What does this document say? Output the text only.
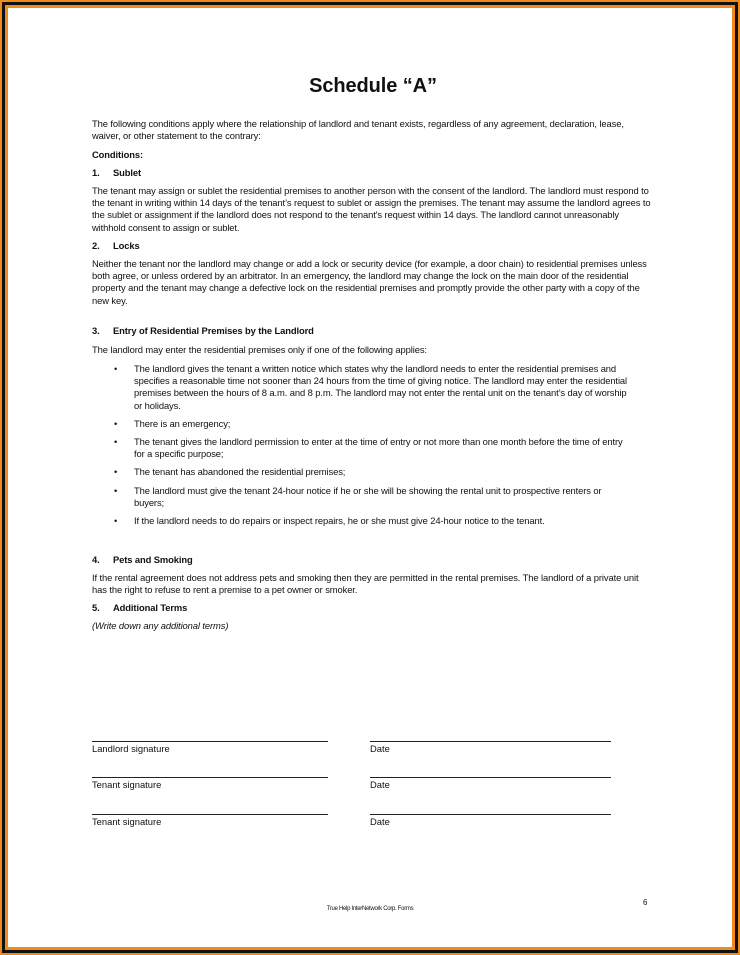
Schedule “A”

The following conditions apply where the relationship of landlord and tenant exists, regardless of any agreement, declaration, lease, waiver, or other statement to the contrary:

Conditions:

1. Sublet

The tenant may assign or sublet the residential premises to another person with the consent of the landlord. The landlord must respond to the tenant in writing within 14 days of the tenant’s request to sublet or assign the premises. The tenant may assume the landlord agrees to the sublet or assignment if the landlord does not respond to the tenant's request within 14 days. The landlord cannot unreasonably withhold consent to assign or sublet.

2. Locks

Neither the tenant nor the landlord may change or add a lock or security device (for example, a door chain) to residential premises unless both agree, or unless ordered by an arbitrator. In an emergency, the landlord may change the lock on the main door of the residential property and the tenant may change a defective lock on the residential premises and promptly provide the other party with a copy of the new key.

3. Entry of Residential Premises by the Landlord

The landlord may enter the residential premises only if one of the following applies:

• The landlord gives the tenant a written notice which states why the landlord needs to enter the residential premises and specifies a reasonable time not sooner than 24 hours from the time of giving notice. The landlord may enter the residential premises between the hours of 8 a.m. and 8 p.m. The landlord may not enter the rental unit on the tenant’s day of worship or holidays.
• There is an emergency;
• The tenant gives the landlord permission to enter at the time of entry or not more than one month before the time of entry for a specific purpose;
• The tenant has abandoned the residential premises;
• The landlord must give the tenant 24-hour notice if he or she will be showing the rental unit to prospective renters or buyers;
• If the landlord needs to do repairs or inspect repairs, he or she must give 24-hour notice to the tenant.

4. Pets and Smoking

If the rental agreement does not address pets and smoking then they are permitted in the rental premises. The landlord of a private unit has the right to refuse to rent a premise to a pet owner or smoker.

5. Additional Terms

(Write down any additional terms)

Landlord signature	Date
Tenant signature	Date
Tenant signature	Date
6
True Help InterNetwork Corp. Forms
